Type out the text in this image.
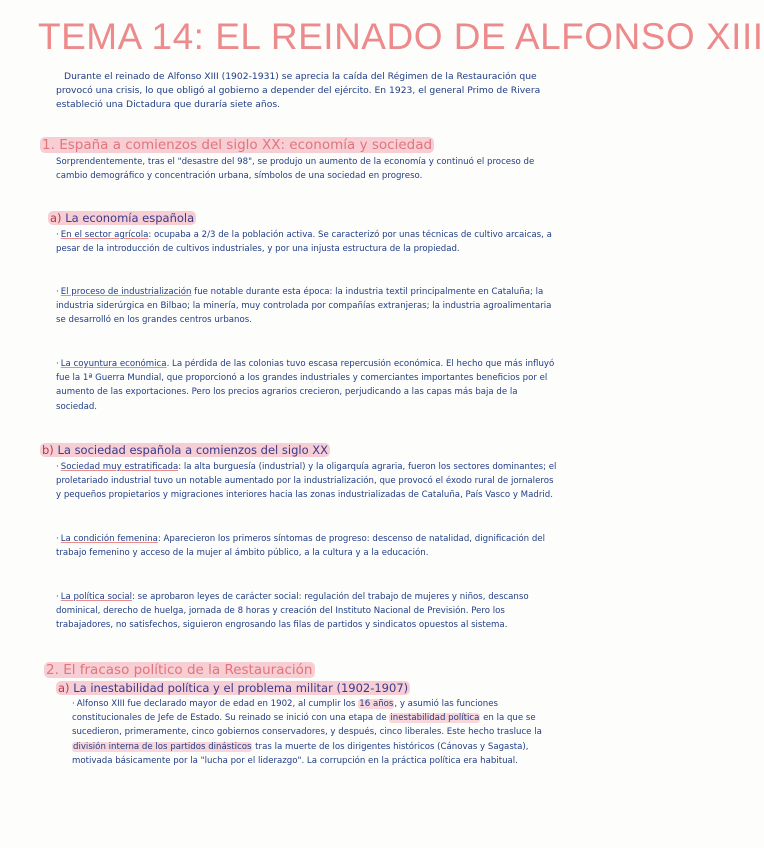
TEMA 14: EL REINADO DE ALFONSO XIII

Durante el reinado de Alfonso XIII (1902-1931) se aprecia la caída del Régimen de la Restauración que provocó una crisis, lo que obligó al gobierno a depender del ejército. En 1923, el general Primo de Rivera estableció una Dictadura que duraría siete años.

1. España a comienzos del siglo XX: economía y sociedad

Sorprendentemente, tras el "desastre del 98", se produjo un aumento de la economía y continuó el proceso de cambio demográfico y concentración urbana, símbolos de una sociedad en progreso.

a) La economía española

· En el sector agrícola: ocupaba a 2/3 de la población activa. Se caracterizó por unas técnicas de cultivo arcaicas, a pesar de la introducción de cultivos industriales, y por una injusta estructura de la propiedad.

· El proceso de industrialización fue notable durante esta época: la industria textil principalmente en Cataluña; la industria siderúrgica en Bilbao; la minería, muy controlada por compañías extranjeras; la industria agroalimentaria se desarrolló en los grandes centros urbanos.

· La coyuntura económica. La pérdida de las colonias tuvo escasa repercusión económica. El hecho que más influyó fue la 1ª Guerra Mundial, que proporcionó a los grandes industriales y comerciantes importantes beneficios por el aumento de las exportaciones. Pero los precios agrarios crecieron, perjudicando a las capas más baja de la sociedad.

b) La sociedad española a comienzos del siglo XX

· Sociedad muy estratificada: la alta burguesía (industrial) y la oligarquía agraria, fueron los sectores dominantes; el proletariado industrial tuvo un notable aumentado por la industrialización, que provocó el éxodo rural de jornaleros y pequeños propietarios y migraciones interiores hacia las zonas industrializadas de Cataluña, País Vasco y Madrid.

· La condición femenina: Aparecieron los primeros síntomas de progreso: descenso de natalidad, dignificación del trabajo femenino y acceso de la mujer al ámbito público, a la cultura y a la educación.

· La política social: se aprobaron leyes de carácter social: regulación del trabajo de mujeres y niños, descanso dominical, derecho de huelga, jornada de 8 horas y creación del Instituto Nacional de Previsión. Pero los trabajadores, no satisfechos, siguieron engrosando las filas de partidos y sindicatos opuestos al sistema.

2. El fracaso político de la Restauración
a) La inestabilidad política y el problema militar (1902-1907)

· Alfonso XIII fue declarado mayor de edad en 1902, al cumplir los 16 años, y asumió las funciones constitucionales de Jefe de Estado. Su reinado se inició con una etapa de inestabilidad política en la que se sucedieron, primeramente, cinco gobiernos conservadores, y después, cinco liberales. Este hecho trasluce la división interna de los partidos dinásticos tras la muerte de los dirigentes históricos (Cánovas y Sagasta), motivada básicamente por la "lucha por el liderazgo". La corrupción en la práctica política era habitual.
